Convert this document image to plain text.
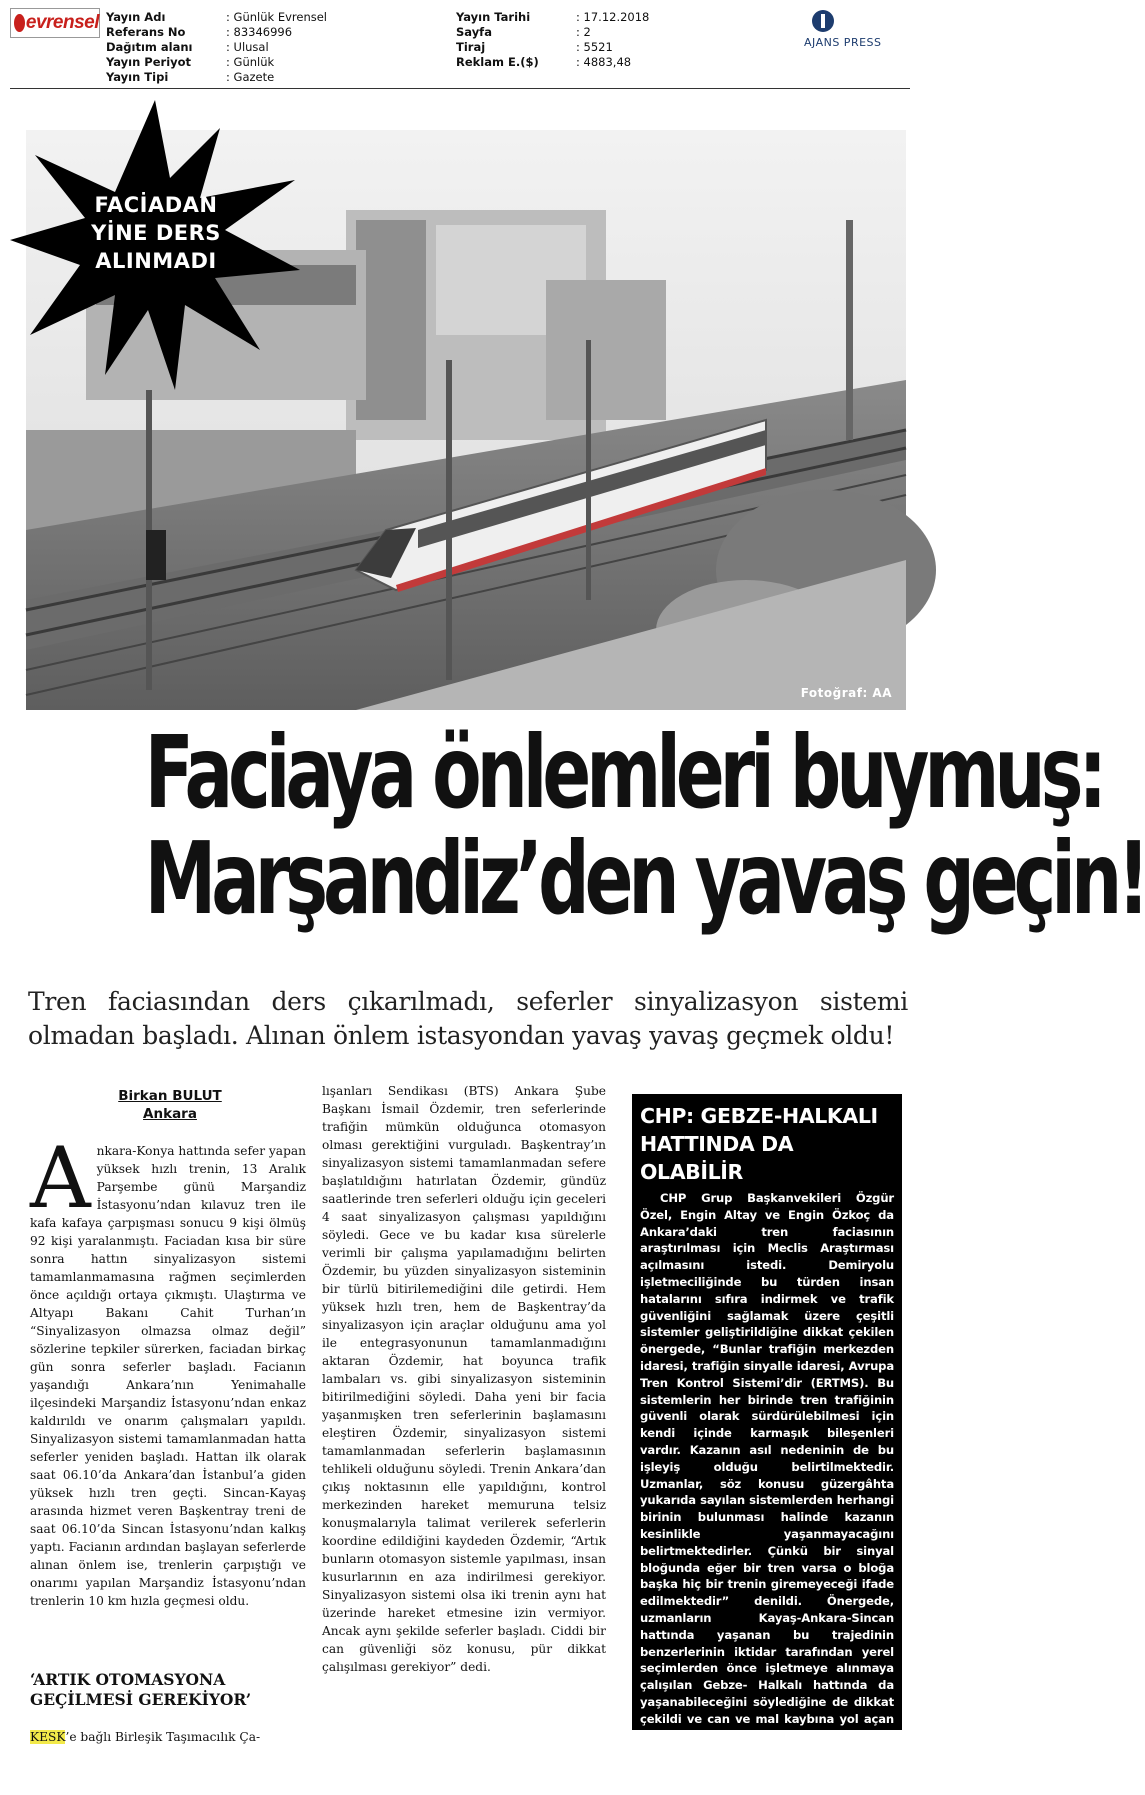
evrensel Yayın Adı	: Günlük Evrensel
Referans No	: 83346996
Dağıtım alanı	: Ulusal
Yayın Periyot	: Günlük
Yayın Tipi	: Gazete
Yayın Tarihi	: 17.12.2018
Sayfa	: 2
Tiraj	: 5521
Reklam E.($)	: 4883,48
AJANS PRESS
Fotoğraf: AA
FACİADAN
YİNE DERS
ALINMADI
Faciaya önlemleri buymuş:
Marşandiz’den yavaş geçin!
Tren faciasından ders çıkarılmadı, seferler sinyalizasyon sistemi olmadan başladı. Alınan önlem istasyondan yavaş yavaş geçmek oldu!
Birkan BULUT
Ankara
Ankara-Konya hattında sefer yapan yüksek hızlı trenin, 13 Aralık Parşembe günü Marşandiz İstasyonu’ndan kılavuz tren ile kafa kafaya çarpışması sonucu 9 kişi ölmüş 92 kişi yaralanmıştı. Faciadan kısa bir süre sonra hattın sinyalizasyon sistemi tamamlanmamasına rağmen seçimlerden önce açıldığı ortaya çıkmıştı. Ulaştırma ve Altyapı Bakanı Cahit Turhan’ın “Sinyalizasyon olmazsa olmaz değil” sözlerine tepkiler sürerken, faciadan birkaç gün sonra seferler başladı. Facianın yaşandığı Ankara’nın Yenimahalle ilçesindeki Marşandiz İstasyonu’ndan enkaz kaldırıldı ve onarım çalışmaları yapıldı. Sinyalizasyon sistemi tamamlanmadan hatta seferler yeniden başladı. Hattan ilk olarak saat 06.10’da Ankara’dan İstanbul’a giden yüksek hızlı tren geçti. Sincan-Kayaş arasında hizmet veren Başkentray treni de saat 06.10’da Sincan İstasyonu’ndan kalkış yaptı. Facianın ardından başlayan seferlerde alınan önlem ise, trenlerin çarpıştığı ve onarımı yapılan Marşandiz İstasyonu’ndan trenlerin 10 km hızla geçmesi oldu.
‘ARTIK OTOMASYONA
GEÇİLMESİ GEREKİYOR’
KESK’e bağlı Birleşik Taşımacılık Ça-
lışanları Sendikası (BTS) Ankara Şube Başkanı İsmail Özdemir, tren seferlerinde trafiğin mümkün olduğunca otomasyon olması gerektiğini vurguladı. Başkentray’ın sinyalizasyon sistemi tamamlanmadan sefere başlatıldığını hatırlatan Özdemir, gündüz saatlerinde tren seferleri olduğu için geceleri 4 saat sinyalizasyon çalışması yapıldığını söyledi. Gece ve bu kadar kısa sürelerle verimli bir çalışma yapılamadığını belirten Özdemir, bu yüzden sinyalizasyon sisteminin bir türlü bitirilemediğini dile getirdi. Hem yüksek hızlı tren, hem de Başkentray’da sinyalizasyon için araçlar olduğunu ama yol ile entegrasyonunun tamamlanmadığını aktaran Özdemir, hat boyunca trafik lambaları vs. gibi sinyalizasyon sisteminin bitirilmediğini söyledi. Daha yeni bir facia yaşanmışken tren seferlerinin başlamasını eleştiren Özdemir, sinyalizasyon sistemi tamamlanmadan seferlerin başlamasının tehlikeli olduğunu söyledi. Trenin Ankara’dan çıkış noktasının elle yapıldığını, kontrol merkezinden hareket memuruna telsiz konuşmalarıyla talimat verilerek seferlerin koordine edildiğini kaydeden Özdemir, “Artık bunların otomasyon sistemle yapılması, insan kusurlarının en aza indirilmesi gerekiyor. Sinyalizasyon sistemi olsa iki trenin aynı hat üzerinde hareket etmesine izin vermiyor. Ancak aynı şekilde seferler başladı. Ciddi bir can güvenliği söz konusu, pür dikkat çalışılması gerekiyor” dedi.
CHP: GEBZE-HALKALI
HATTINDA DA OLABİLİR
CHP Grup Başkanvekileri Özgür Özel, Engin Altay ve Engin Özkoç da Ankara’daki tren faciasının araştırılması için Meclis Araştırması açılmasını istedi. Demiryolu işletmeciliğinde bu türden insan hatalarını sıfıra indirmek ve trafik güvenliğini sağlamak üzere çeşitli sistemler geliştirildiğine dikkat çekilen önergede, “Bunlar trafiğin merkezden idaresi, trafiğin sinyalle idaresi, Avrupa Tren Kontrol Sistemi’dir (ERTMS). Bu sistemlerin her birinde tren trafiğinin güvenli olarak sürdürülebilmesi için kendi içinde karmaşık bileşenleri vardır. Kazanın asıl nedeninin de bu işleyiş olduğu belirtilmektedir. Uzmanlar, söz konusu güzergâhta yukarıda sayılan sistemlerden herhangi birinin bulunması halinde kazanın kesinlikle yaşanmayacağını belirtmektedirler. Çünkü bir sinyal bloğunda eğer bir tren varsa o bloğa başka hiç bir trenin giremeyeceği ifade edilmektedir” denildi. Önergede, uzmanların Kayaş-Ankara-Sincan hattında yaşanan bu trajedinin benzerlerinin iktidar tarafından yerel seçimlerden önce işletmeye alınmaya çalışılan Gebze- Halkalı hattında da yaşanabileceğini söylediğine de dikkat çekildi ve can ve mal kaybına yol açan bu türden kazaların gerçek nedenlerinin ortaya çıkarılması için Meclis Araştırması açılması istendi. (Ankara/EVRENSEL)
